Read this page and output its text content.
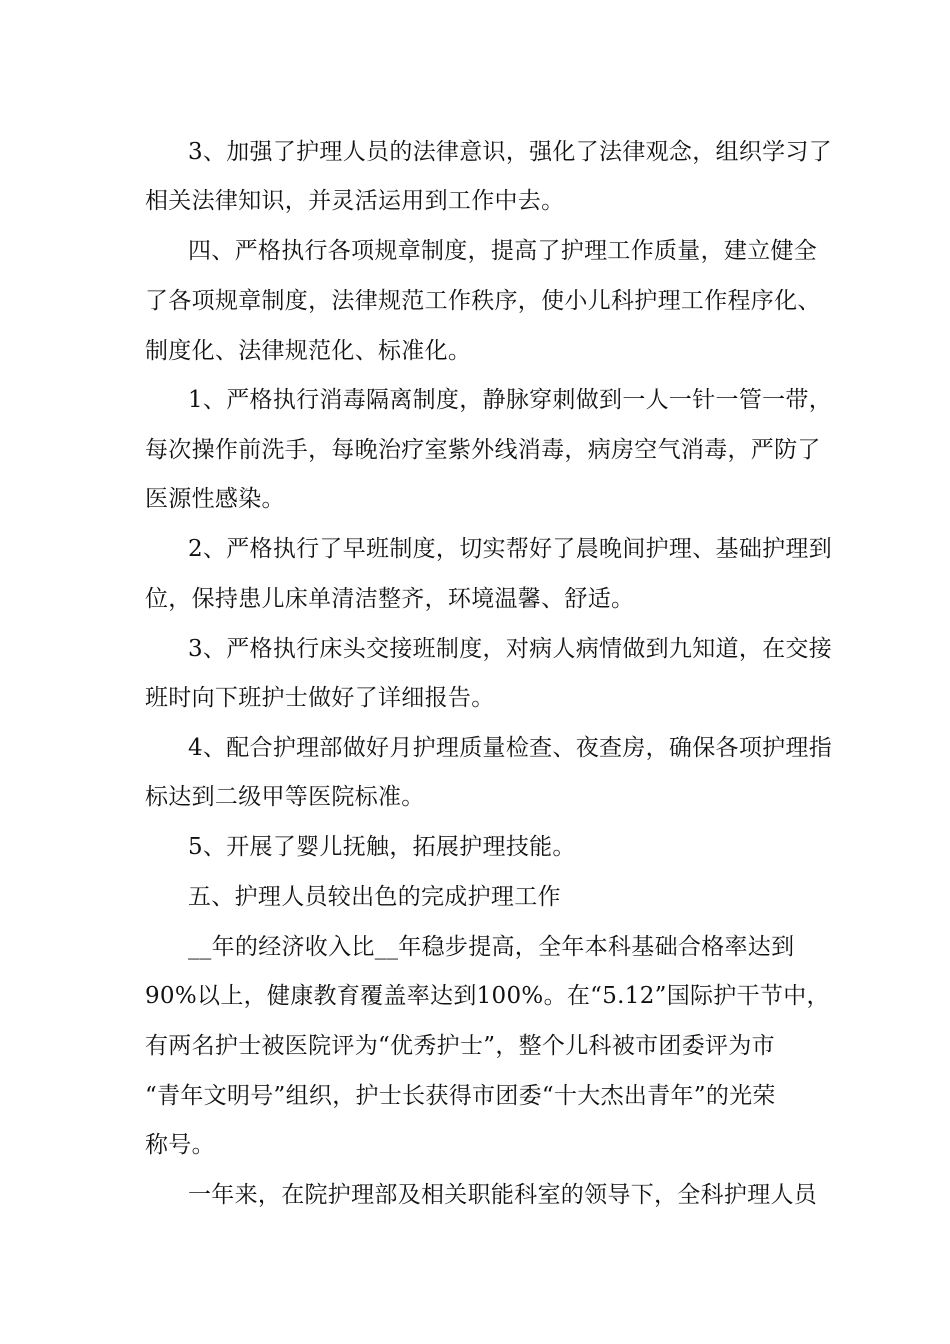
3、加强了护理人员的法律意识，强化了法律观念，组织学习了
相关法律知识，并灵活运用到工作中去。
四、严格执行各项规章制度，提高了护理工作质量，建立健全
了各项规章制度，法律规范工作秩序，使小儿科护理工作程序化、
制度化、法律规范化、标准化。
1、严格执行消毒隔离制度，静脉穿刺做到一人一针一管一带，
每次操作前洗手，每晚治疗室紫外线消毒，病房空气消毒，严防了
医源性感染。
2、严格执行了早班制度，切实帮好了晨晚间护理、基础护理到
位，保持患儿床单清洁整齐，环境温馨、舒适。
3、严格执行床头交接班制度，对病人病情做到九知道，在交接
班时向下班护士做好了详细报告。
4、配合护理部做好月护理质量检查、夜查房，确保各项护理指
标达到二级甲等医院标准。
5、开展了婴儿抚触，拓展护理技能。
五、护理人员较出色的完成护理工作
__年的经济收入比__年稳步提高，全年本科基础合格率达到
90%以上，健康教育覆盖率达到100%。在“5.12”国际护干节中，
有两名护士被医院评为“优秀护士”，整个儿科被市团委评为市
“青年文明号”组织，护士长获得市团委“十大杰出青年”的光荣
称号。
一年来，在院护理部及相关职能科室的领导下，全科护理人员
